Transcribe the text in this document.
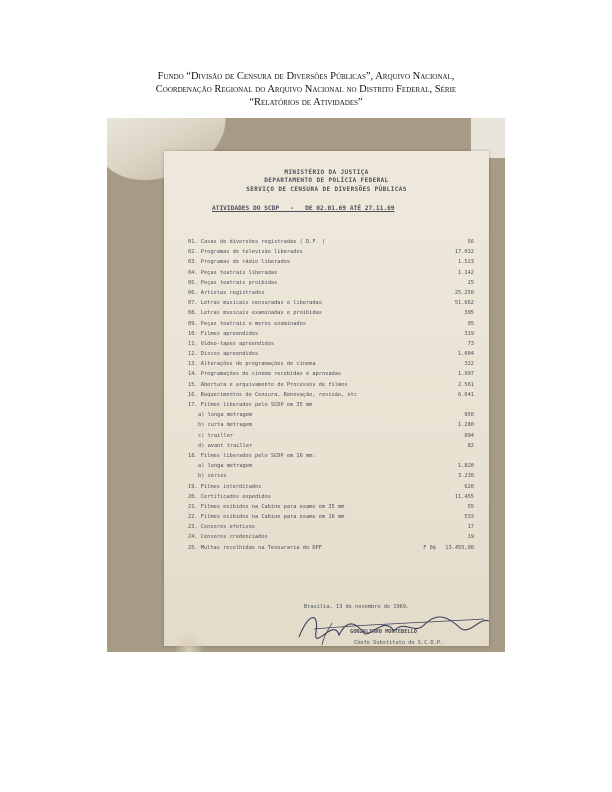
Fundo “Divisão de Censura de Diversões Públicas”, Arquivo Nacional,
Coordenação Regional do Arquivo Nacional no Distrito Federal, Série
“Relatórios de Atividades”
MINISTÉRIO DA JUSTIÇA
DEPARTAMENTO DE POLÍCIA FEDERAL
SERVIÇO DE CENSURA DE DIVERSÕES PÚBLICAS
ATIVIDADES DO SCDP   -   DE 02.01.69 ATÉ 27.11.69
01. Casas de diversões registradas ( D.F. )	56
02. Programas de televisão liberados	17.032
03. Programas de rádio liberados	1.523
04. Peças teatrais liberadas	1.142
05. Peças teatrais proibidas	25
06. Artistas registrados	25.250
07. Letras musicais censuradas e liberadas	51.662
08. Letras musicais examinadas e proibidas	395
09. Peças teatrais e meros examinados	95
10. Filmes apreendidos	319
11. Vídeo-tapes apreendidos	73
12. Discos apreendidos	1.004
13. Alterações de programações de cinema	322
14. Programações de cinema recebidas e aprovadas	1.997
15. Abertura e arquivamento de Processos de filmes	2.561
16. Requerimentos de Censura, Renovação, revisão, etc	6.641
17. Filmes liberados pelo SCDP em 35 mm
a) longa metragem	950
b) curta metragem	1.280
c) trailler	894
d) avant trailler	82
18. Filmes liberados pelo SCDP em 16 mm:
a) longa metragem	1.820
b) séries	3.230
19. Filmes interditados	620
20. Certificados expedidos	11.455
21. Filmes exibidos na Cabine para exame em 35 mm	55
22. Filmes exibidos na Cabine para exame em 16 mm	533
23. Censores efetivos	17
24. Censores credenciados	19
25. Multas recolhidas na Tesouraria do DPF	F 0$ 13.455,00
Brasília, 13 de novembro de 1969.
GONZALINHO MONTEBELLO
Chefe Substituto do S.C.D.P.
